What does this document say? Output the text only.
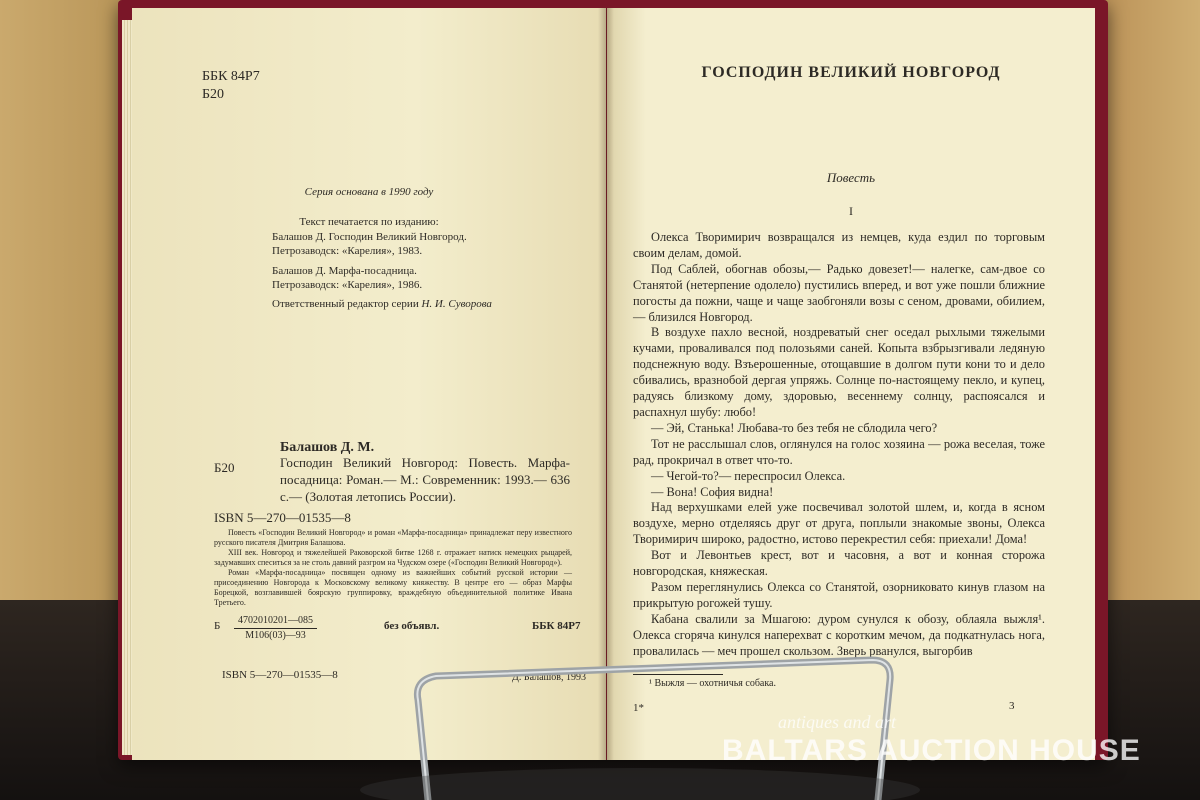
ББК 84Р7
Б20
Серия основана в 1990 году
Текст печатается по изданию:
Балашов Д. Господин Великий Новгород.
Петрозаводск: «Карелия», 1983.
Балашов Д. Марфа-посадница.
Петрозаводск: «Карелия», 1986.
Ответственный редактор серии Н. И. Суворова
Балашов Д. М.
Б20	Господин Великий Новгород: Повесть. Марфа-посадница: Роман.— М.: Современник: 1993.— 636 с.— (Золотая летопись России).
ISBN 5—270—01535—8

Повесть «Господин Великий Новгород» и роман «Марфа-посадница» принадлежат перу известного русского писателя Дмитрия Балашова.

XIII век. Новгород и тяжелейшей Раковорской битве 1268 г. отражает натиск немецких рыцарей, задумавших спеситься за не столь давний разгром на Чудском озере («Господин Великий Новгород»).

Роман «Марфа-посадница» посвящен одному из важнейших событий русской истории — присоединению Новгорода к Московскому великому княжеству. В центре его — образ Марфы Борецкой, возглавившей боярскую группировку, враждебную объединительной политике Ивана Третьего.

Б	4702010201—085
М106(03)—93
без объявл.	ББК 84Р7
ISBN 5—270—01535—8	Д. Балашов, 1993
ГОСПОДИН ВЕЛИКИЙ НОВГОРОД
Повесть
I

Олекса Творимирич возвращался из немцев, куда ездил по торговым своим делам, домой.

Под Саблей, обогнав обозы,— Радько довезет!— налегке, сам-двое со Станятой (нетерпение одолело) пустились вперед, и вот уже пошли ближние погосты да пожни, чаще и чаще заобгоняли возы с сеном, дровами, обилием,— близился Новгород.

В воздухе пахло весной, ноздреватый снег оседал рыхлыми тяжелыми кучами, проваливался под полозьями саней. Копыта взбрызгивали ледяную подснежную воду. Взъерошенные, отощавшие в долгом пути кони то и дело сбивались, вразнобой дергая упряжь. Солнце по-настоящему пекло, и купец, радуясь близкому дому, здоровью, весеннему солнцу, распоясался и распахнул шубу: любо!

— Эй, Станька! Любава-то без тебя не сблодила чего?

Тот не расслышал слов, оглянулся на голос хозяина — рожа веселая, тоже рад, прокричал в ответ что-то.

— Чегой-то?— переспросил Олекса.

— Вона! София видна!

Над верхушками елей уже посвечивал золотой шлем, и, когда в ясном воздухе, мерно отделяясь друг от друга, поплыли знакомые звоны, Олекса Творимирич широко, радостно, истово перекрестил себя: приехали! Дома!

Вот и Левонтьев крест, вот и часовня, а вот и конная сторожа новгородская, княжеская.

Разом переглянулись Олекса со Станятой, озорниковато кинув глазом на прикрытую рогожей тушу.

Кабана свалили за Мшагою: дуром сунулся к обозу, облаяла выжля¹. Олекса сгоряча кинулся наперехват с коротким мечом, да подкатнулась нога, провалилась — меч прошел скользом. Зверь рванулся, выгорбив

¹ Выжля — охотничья собака.
1*	3
antiques and art
BALTARS AUCTION HOUSE
